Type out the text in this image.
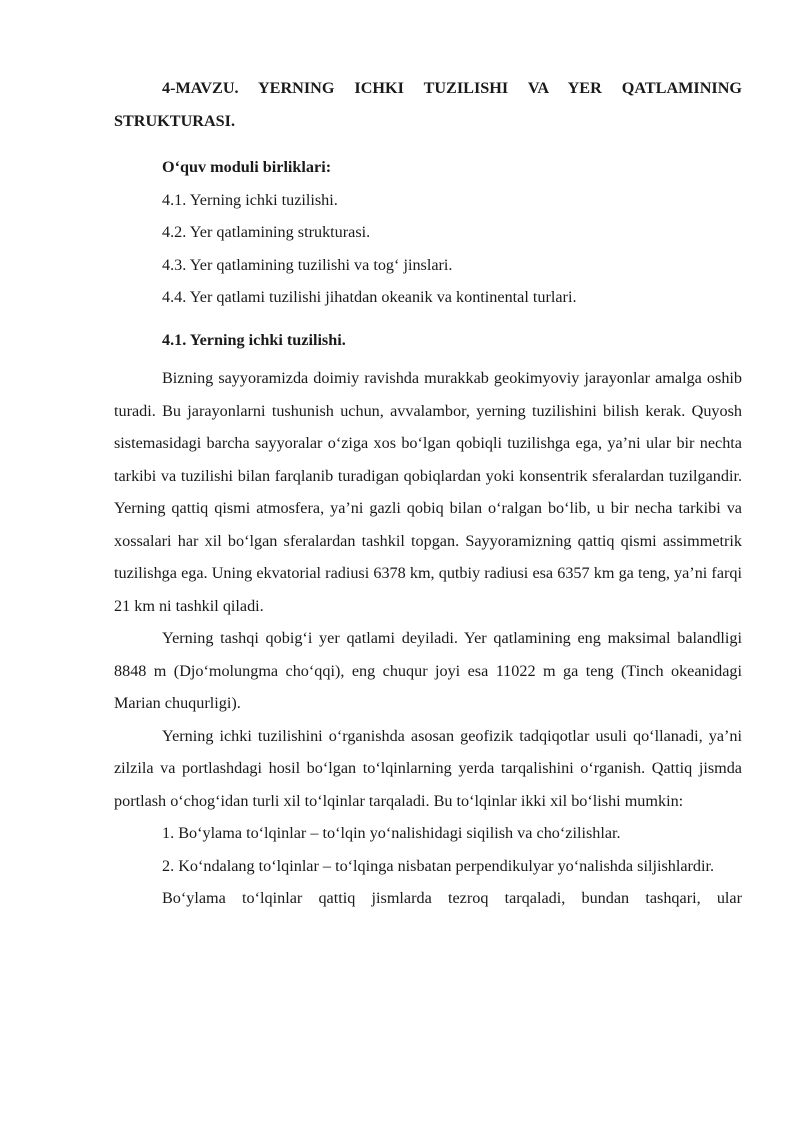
4-MAVZU. YERNING ICHKI TUZILISHI VA YER QATLAMINING STRUKTURASI.

O‘quv moduli birliklari:

4.1. Yerning ichki tuzilishi.
4.2. Yer qatlamining strukturasi.
4.3. Yer qatlamining tuzilishi va tog‘ jinslari.
4.4. Yer qatlami tuzilishi jihatdan okeanik va kontinental turlari.

4.1. Yerning ichki tuzilishi.

Bizning sayyoramizda doimiy ravishda murakkab geokimyoviy jarayonlar amalga oshib turadi. Bu jarayonlarni tushunish uchun, avvalambor, yerning tuzilishini bilish kerak. Quyosh sistemasidagi barcha sayyoralar o‘ziga xos bo‘lgan qobiqli tuzilishga ega, ya’ni ular bir nechta tarkibi va tuzilishi bilan farqlanib turadigan qobiqlardan yoki konsentrik sferalardan tuzilgandir. Yerning qattiq qismi atmosfera, ya’ni gazli qobiq bilan o‘ralgan bo‘lib, u bir necha tarkibi va xossalari har xil bo‘lgan sferalardan tashkil topgan. Sayyoramizning qattiq qismi assimmetrik tuzilishga ega. Uning ekvatorial radiusi 6378 km, qutbiy radiusi esa 6357 km ga teng, ya’ni farqi 21 km ni tashkil qiladi.

Yerning tashqi qobig‘i yer qatlami deyiladi. Yer qatlamining eng maksimal balandligi 8848 m (Djo‘molungma cho‘qqi), eng chuqur joyi esa 11022 m ga teng (Tinch okeanidagi Marian chuqurligi).

Yerning ichki tuzilishini o‘rganishda asosan geofizik tadqiqotlar usuli qo‘llanadi, ya’ni zilzila va portlashdagi hosil bo‘lgan to‘lqinlarning yerda tarqalishini o‘rganish. Qattiq jismda portlash o‘chog‘idan turli xil to‘lqinlar tarqaladi. Bu to‘lqinlar ikki xil bo‘lishi mumkin:

1. Bo‘ylama to‘lqinlar – to‘lqin yo‘nalishidagi siqilish va cho‘zilishlar.

2. Ko‘ndalang to‘lqinlar – to‘lqinga nisbatan perpendikulyar yo‘nalishda siljishlardir.

Bo‘ylama to‘lqinlar qattiq jismlarda tezroq tarqaladi, bundan tashqari, ular
